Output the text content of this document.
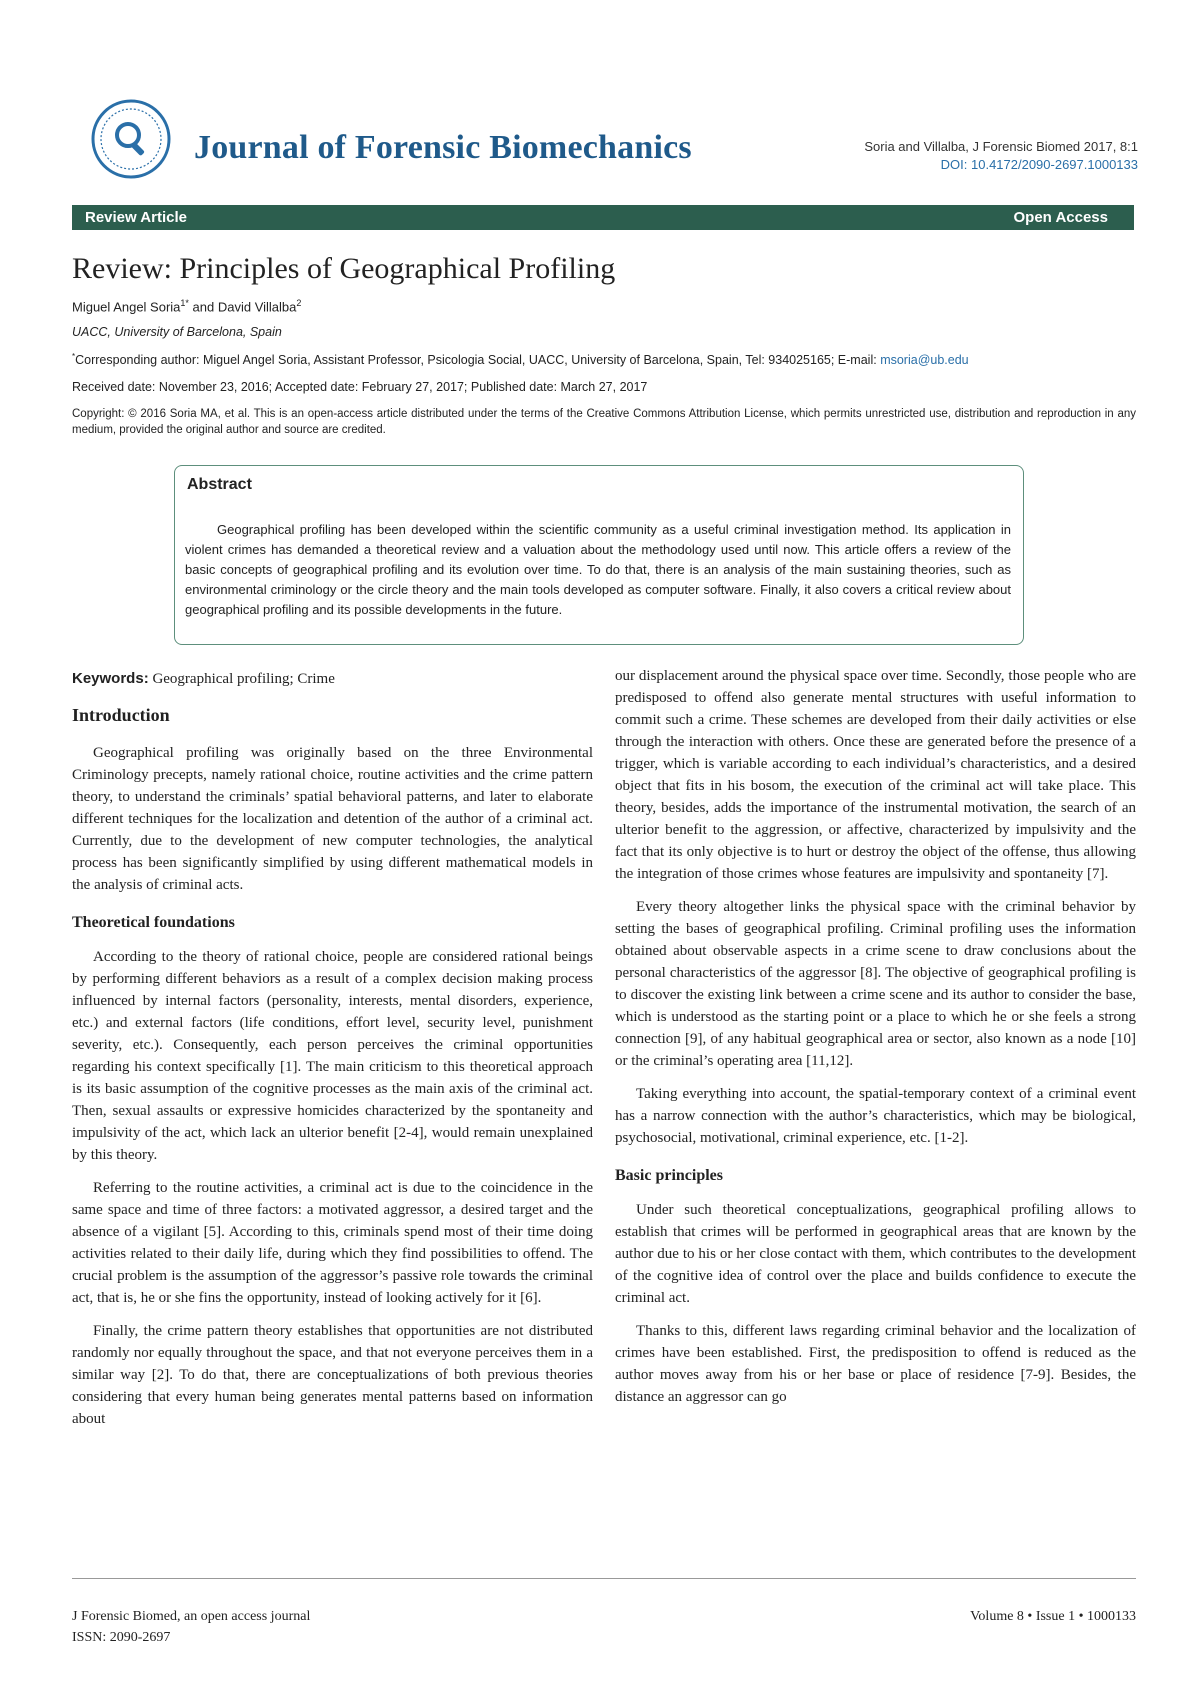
Journal of Forensic Biomechanics	Soria and Villalba, J Forensic Biomed 2017, 8:1
DOI: 10.4172/2090-2697.1000133
Review Article	Open Access
Review: Principles of Geographical Profiling
Miguel Angel Soria$^{1*}$ and David Villalba$^2$
UACC, University of Barcelona, Spain
*Corresponding author: Miguel Angel Soria, Assistant Professor, Psicologia Social, UACC, University of Barcelona, Spain, Tel: 934025165; E-mail: msoria@ub.edu
Received date: November 23, 2016; Accepted date: February 27, 2017; Published date: March 27, 2017
Copyright: © 2016 Soria MA, et al. This is an open-access article distributed under the terms of the Creative Commons Attribution License, which permits unrestricted use, distribution and reproduction in any medium, provided the original author and source are credited.
Abstract

Geographical profiling has been developed within the scientific community as a useful criminal investigation method. Its application in violent crimes has demanded a theoretical review and a valuation about the methodology used until now. This article offers a review of the basic concepts of geographical profiling and its evolution over time. To do that, there is an analysis of the main sustaining theories, such as environmental criminology or the circle theory and the main tools developed as computer software. Finally, it also covers a critical review about geographical profiling and its possible developments in the future.

Keywords: Geographical profiling; Crime

Introduction

Geographical profiling was originally based on the three Environmental Criminology precepts, namely rational choice, routine activities and the crime pattern theory, to understand the criminals’ spatial behavioral patterns, and later to elaborate different techniques for the localization and detention of the author of a criminal act. Currently, due to the development of new computer technologies, the analytical process has been significantly simplified by using different mathematical models in the analysis of criminal acts.

Theoretical foundations

According to the theory of rational choice, people are considered rational beings by performing different behaviors as a result of a complex decision making process influenced by internal factors (personality, interests, mental disorders, experience, etc.) and external factors (life conditions, effort level, security level, punishment severity, etc.). Consequently, each person perceives the criminal opportunities regarding his context specifically [1]. The main criticism to this theoretical approach is its basic assumption of the cognitive processes as the main axis of the criminal act. Then, sexual assaults or expressive homicides characterized by the spontaneity and impulsivity of the act, which lack an ulterior benefit [2-4], would remain unexplained by this theory.

Referring to the routine activities, a criminal act is due to the coincidence in the same space and time of three factors: a motivated aggressor, a desired target and the absence of a vigilant [5]. According to this, criminals spend most of their time doing activities related to their daily life, during which they find possibilities to offend. The crucial problem is the assumption of the aggressor’s passive role towards the criminal act, that is, he or she fins the opportunity, instead of looking actively for it [6].

Finally, the crime pattern theory establishes that opportunities are not distributed randomly nor equally throughout the space, and that not everyone perceives them in a similar way [2]. To do that, there are conceptualizations of both previous theories considering that every human being generates mental patterns based on information about

our displacement around the physical space over time. Secondly, those people who are predisposed to offend also generate mental structures with useful information to commit such a crime. These schemes are developed from their daily activities or else through the interaction with others. Once these are generated before the presence of a trigger, which is variable according to each individual’s characteristics, and a desired object that fits in his bosom, the execution of the criminal act will take place. This theory, besides, adds the importance of the instrumental motivation, the search of an ulterior benefit to the aggression, or affective, characterized by impulsivity and the fact that its only objective is to hurt or destroy the object of the offense, thus allowing the integration of those crimes whose features are impulsivity and spontaneity [7].

Every theory altogether links the physical space with the criminal behavior by setting the bases of geographical profiling. Criminal profiling uses the information obtained about observable aspects in a crime scene to draw conclusions about the personal characteristics of the aggressor [8]. The objective of geographical profiling is to discover the existing link between a crime scene and its author to consider the base, which is understood as the starting point or a place to which he or she feels a strong connection [9], of any habitual geographical area or sector, also known as a node [10] or the criminal’s operating area [11,12].

Taking everything into account, the spatial-temporary context of a criminal event has a narrow connection with the author’s characteristics, which may be biological, psychosocial, motivational, criminal experience, etc. [1-2].

Basic principles

Under such theoretical conceptualizations, geographical profiling allows to establish that crimes will be performed in geographical areas that are known by the author due to his or her close contact with them, which contributes to the development of the cognitive idea of control over the place and builds confidence to execute the criminal act.

Thanks to this, different laws regarding criminal behavior and the localization of crimes have been established. First, the predisposition to offend is reduced as the author moves away from his or her base or place of residence [7-9]. Besides, the distance an aggressor can go

J Forensic Biomed, an open access journal
ISSN: 2090-2697
Volume 8 • Issue 1 • 1000133
